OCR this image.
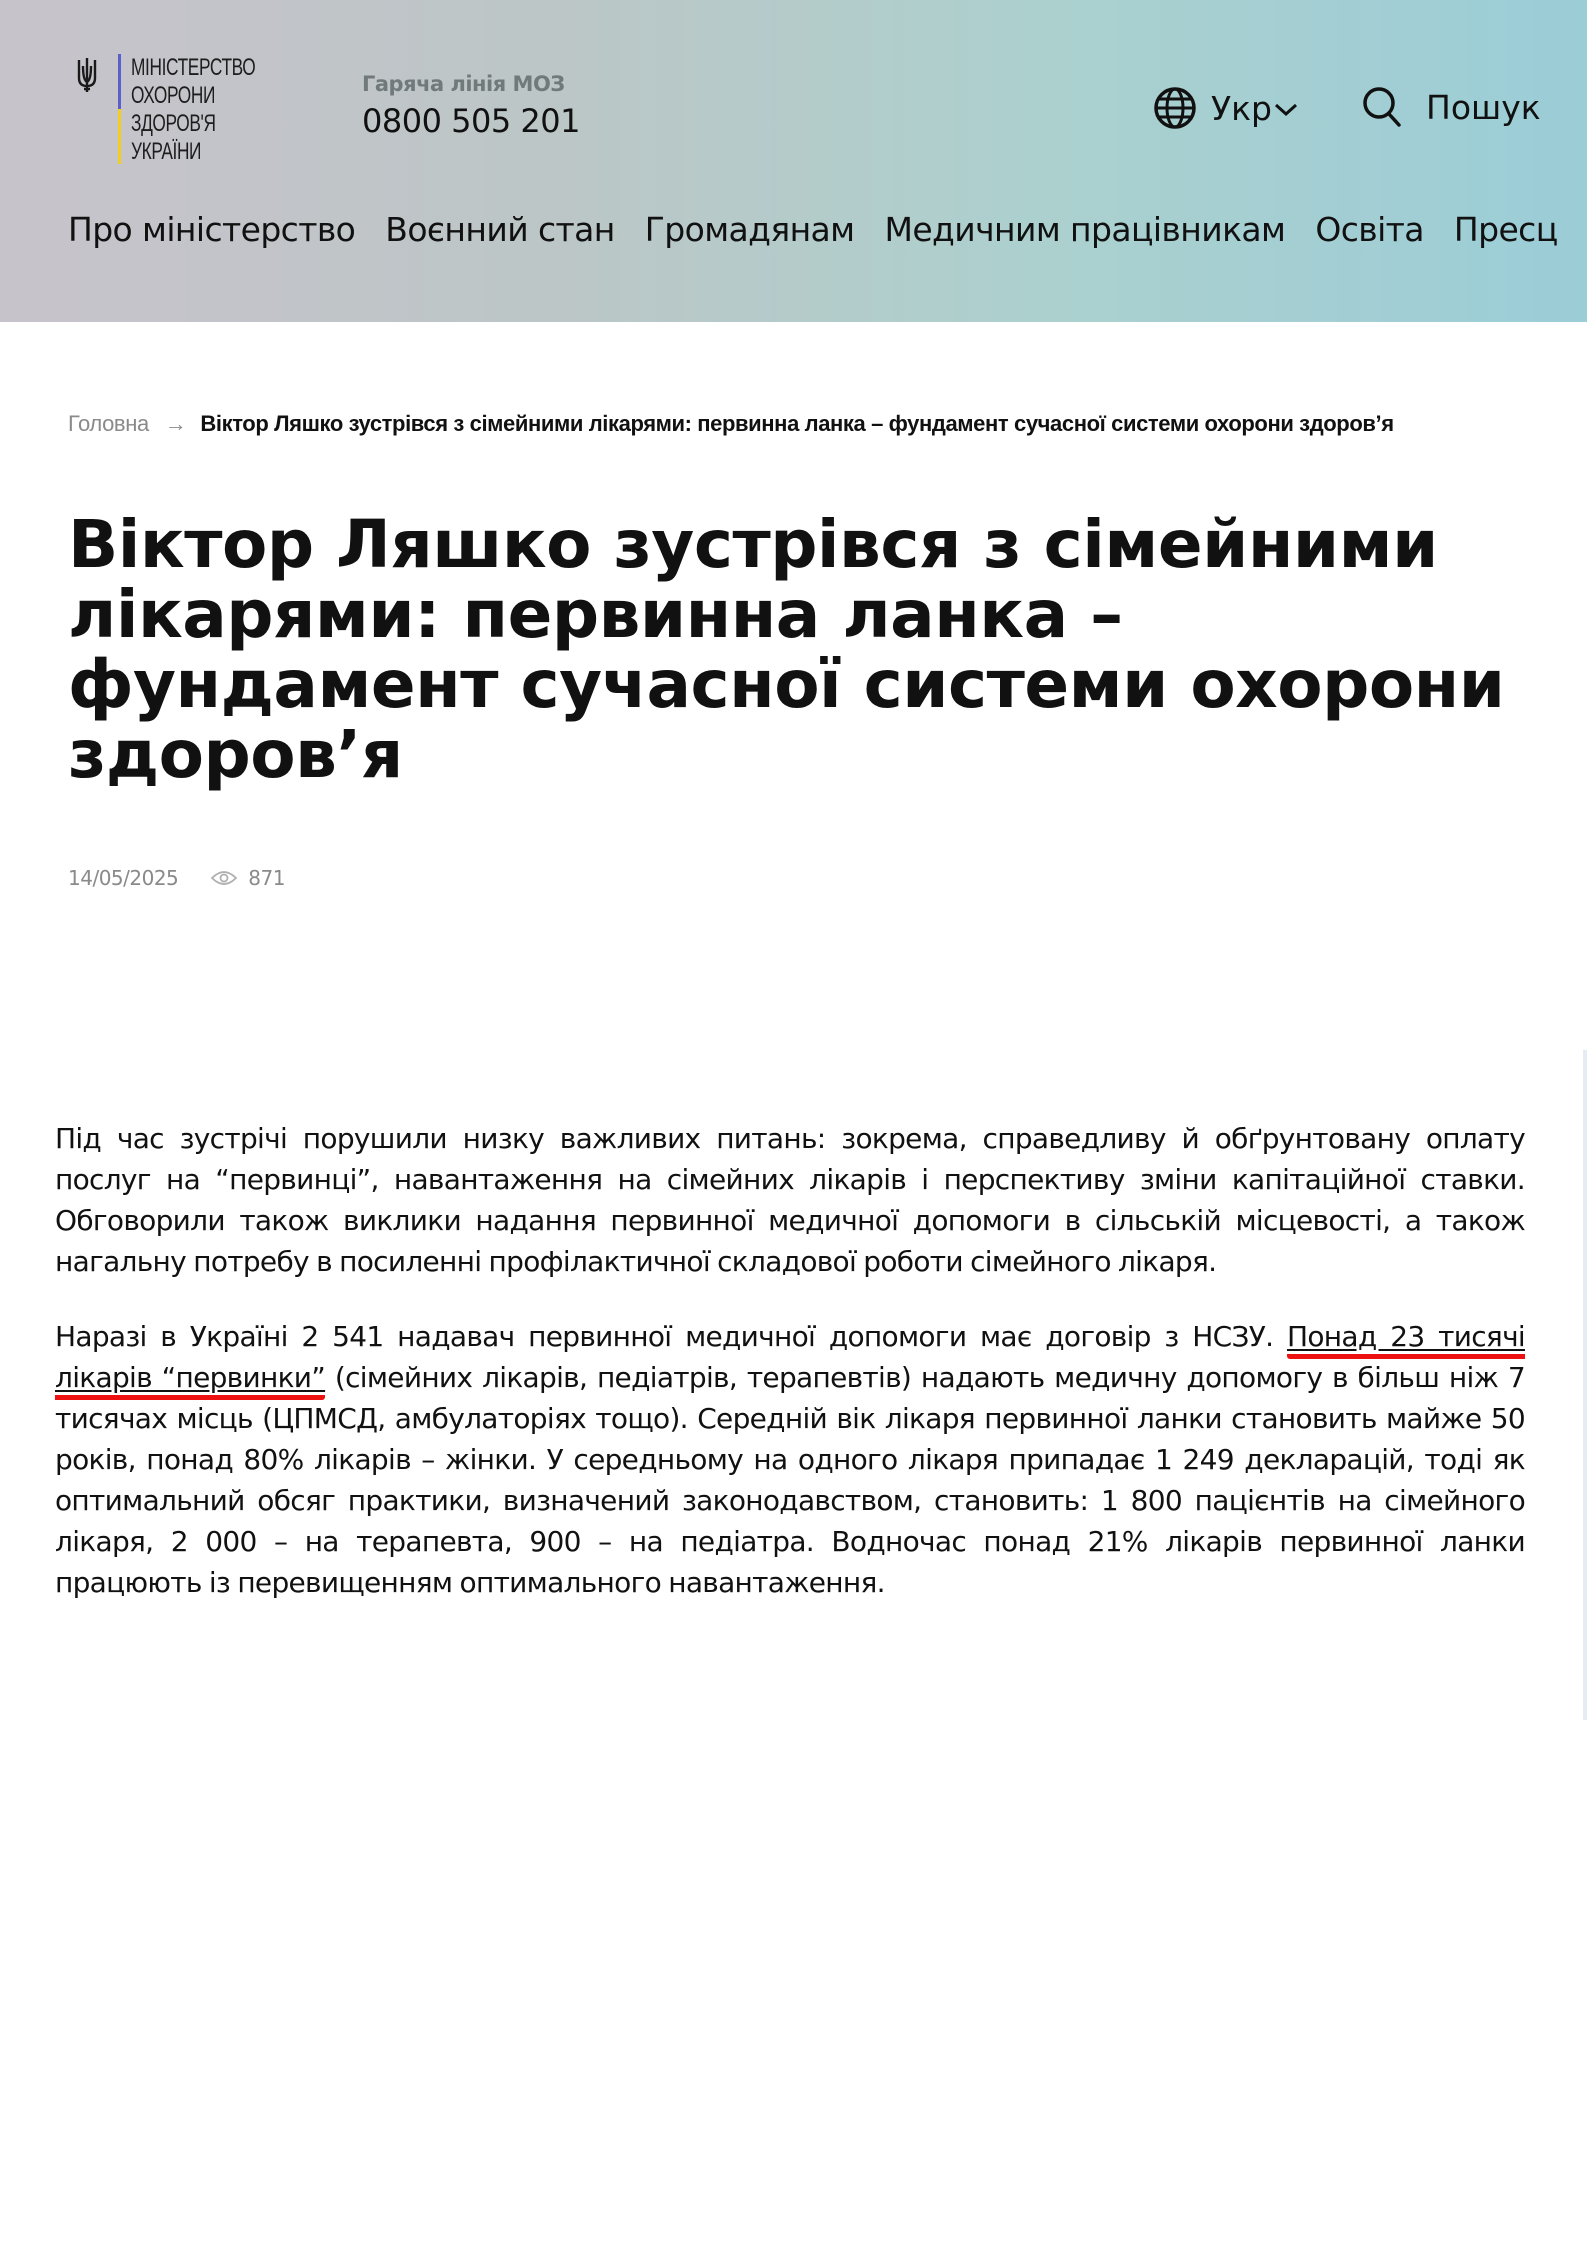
МІНІСТЕРСТВО
ОХОРОНИ
ЗДОРОВ'Я
УКРАЇНИ
Гаряча лінія МОЗ
0800 505 201	Укр	Пошук
Про міністерство Воєнний стан Громадянам Медичним працівникам Освіта Пресц
Головна → Віктор Ляшко зустрівся з сімейними лікарями: первинна ланка – фундамент сучасної системи охорони здоров’я
Віктор Ляшко зустрівся з сімейними лікарями: первинна ланка – фундамент сучасної системи охорони здоров’я
14/05/2025	871

Під час зустрічі порушили низку важливих питань: зокрема, справедливу й обґрунтовану оплату послуг на “первинці”, навантаження на сімейних лікарів і перспективу зміни капітаційної ставки. Обговорили також виклики надання первинної медичної допомоги в сільській місцевості, а також нагальну потребу в посиленні профілактичної складової роботи сімейного лікаря.

Наразі в Україні 2 541 надавач первинної медичної допомоги має договір з НСЗУ. Понад 23 тисячі лікарів “первинки” (сімейних лікарів, педіатрів, терапевтів) надають медичну допомогу в більш ніж 7 тисячах місць (ЦПМСД, амбулаторіях тощо). Середній вік лікаря первинної ланки становить майже 50 років, понад 80% лікарів – жінки. У середньому на одного лікаря припадає 1 249 декларацій, тоді як оптимальний обсяг практики, визначений законодавством, становить: 1 800 пацієнтів на сімейного лікаря, 2 000 – на терапевта, 900 – на педіатра. Водночас понад 21% лікарів первинної ланки працюють із перевищенням оптимального навантаження.
